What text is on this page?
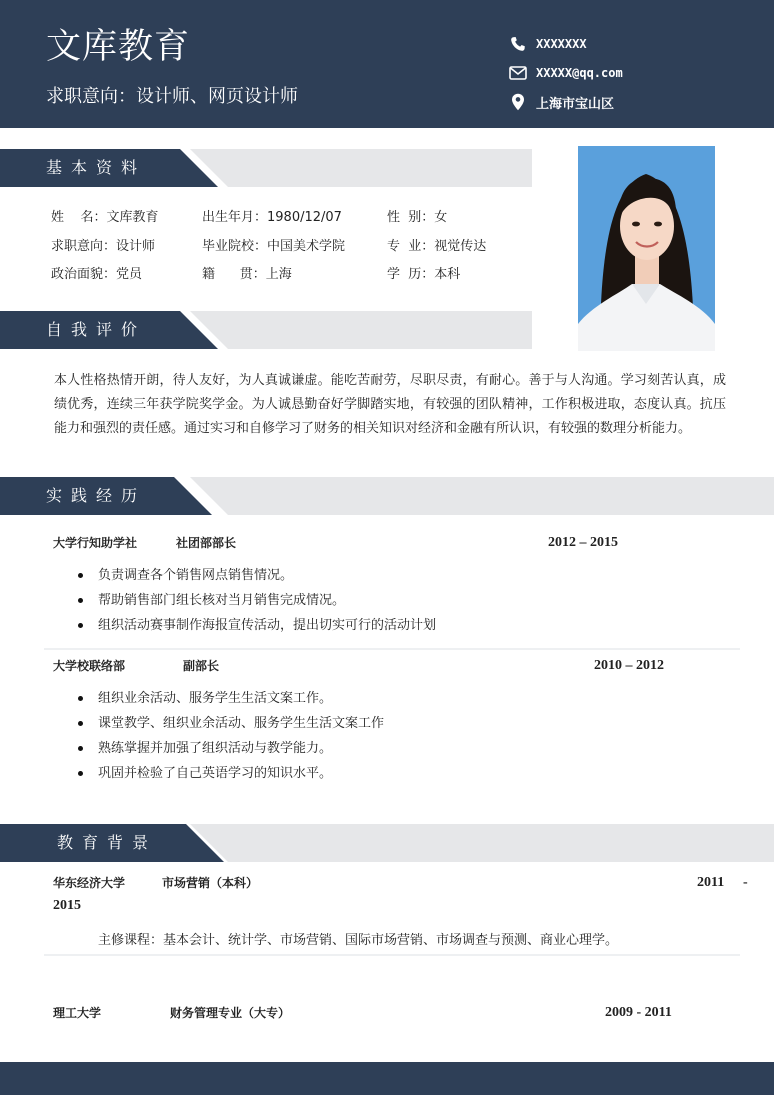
文库教育
求职意向：设计师、网页设计师
XXXXXXX
XXXXX@qq.com
上海市宝山区
基本资料
姓    名：文库教育	出生年月：1980/12/07	性  别：女
求职意向：设计师	毕业院校：中国美术学院	专  业：视觉传达
政治面貌：党员	籍      贯：上海	学  历：本科
自我评价
本人性格热情开朗，待人友好，为人真诚谦虚。能吃苦耐劳，尽职尽责，有耐心。善于与人沟通。学习刻苦认真，成绩优秀，连续三年获学院奖学金。为人诚恳勤奋好学脚踏实地，有较强的团队精神，工作积极进取，态度认真。抗压能力和强烈的责任感。通过实习和自修学习了财务的相关知识对经济和金融有所认识，有较强的数理分析能力。
实践经历
大学行知助学社	社团部部长	2012 – 2015
负责调查各个销售网点销售情况。
帮助销售部门组长核对当月销售完成情况。
组织活动赛事制作海报宣传活动，提出切实可行的活动计划
大学校联络部	副部长	2010 – 2012
组织业余活动、服务学生生活文案工作。
课堂教学、组织业余活动、服务学生生活文案工作
熟练掌握并加强了组织活动与教学能力。
巩固并检验了自己英语学习的知识水平。
教育背景
华东经济大学	市场营销（本科）	2011 -
2015
主修课程：基本会计、统计学、市场营销、国际市场营销、市场调查与预测、商业心理学。
理工大学	财务管理专业（大专）	2009 - 2011
